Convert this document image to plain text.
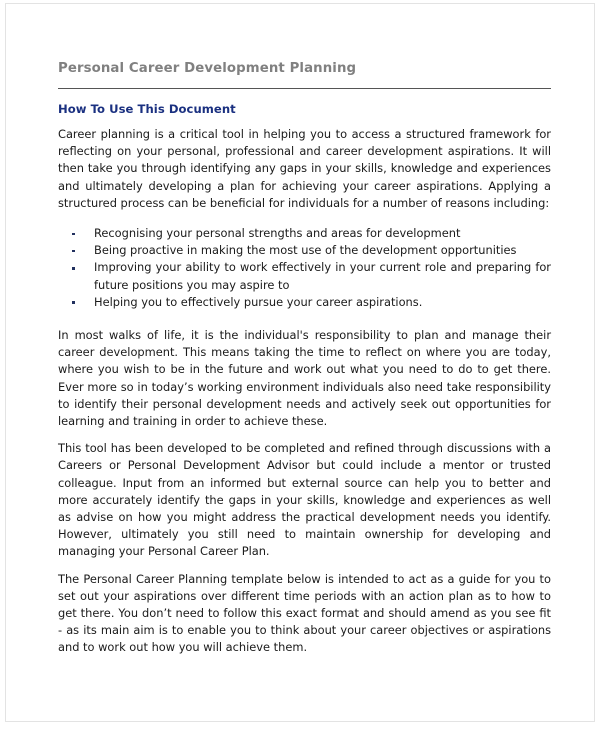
Personal Career Development Planning
How To Use This Document

Career planning is a critical tool in helping you to access a structured framework for reflecting on your personal, professional and career development aspirations. It will then take you through identifying any gaps in your skills, knowledge and experiences and ultimately developing a plan for achieving your career aspirations. Applying a structured process can be beneficial for individuals for a number of reasons including:

Recognising your personal strengths and areas for development
Being proactive in making the most use of the development opportunities
Improving your ability to work effectively in your current role and preparing for future positions you may aspire to
Helping you to effectively pursue your career aspirations.

In most walks of life, it is the individual's responsibility to plan and manage their career development. This means taking the time to reflect on where you are today, where you wish to be in the future and work out what you need to do to get there. Ever more so in today’s working environment individuals also need take responsibility to identify their personal development needs and actively seek out opportunities for learning and training in order to achieve these.

This tool has been developed to be completed and refined through discussions with a Careers or Personal Development Advisor but could include a mentor or trusted colleague. Input from an informed but external source can help you to better and more accurately identify the gaps in your skills, knowledge and experiences as well as advise on how you might address the practical development needs you identify. However, ultimately you still need to maintain ownership for developing and managing your Personal Career Plan.

The Personal Career Planning template below is intended to act as a guide for you to set out your aspirations over different time periods with an action plan as to how to get there. You don’t need to follow this exact format and should amend as you see fit - as its main aim is to enable you to think about your career objectives or aspirations and to work out how you will achieve them.
